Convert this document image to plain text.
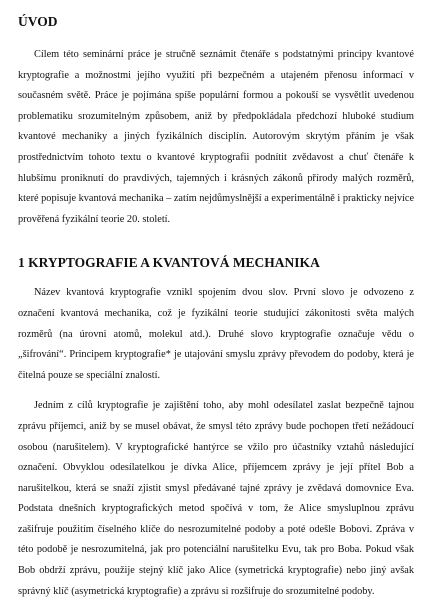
ÚVOD

Cílem této seminární práce je stručně seznámit čtenáře s podstatnými principy kvantové kryptografie a možnostmi jejího využití při bezpečném a utajeném přenosu informací v současném světě. Práce je pojímána spíše populární formou a pokouší se vysvětlit uvedenou problematiku srozumitelným způsobem, aniž by předpokládala předchozí hluboké studium kvantové mechaniky a jiných fyzikálních disciplín. Autorovým skrytým přáním je však prostřednictvím tohoto textu o kvantové kryptografii podnítit zvědavost a chuť čtenáře k hlubšímu proniknutí do pravdivých, tajemných i krásných zákonů přírody malých rozměrů, které popisuje kvantová mechanika – zatím nejdůmyslnější a experimentálně i prakticky nejvíce prověřená fyzikální teorie 20. století.

1 KRYPTOGRAFIE A KVANTOVÁ MECHANIKA

Název kvantová kryptografie vznikl spojením dvou slov. První slovo je odvozeno z označení kvantová mechanika, což je fyzikální teorie studující zákonitosti světa malých rozměrů (na úrovni atomů, molekul atd.). Druhé slovo kryptografie označuje vědu o „šifrování“. Principem kryptografie* je utajování smyslu zprávy převodem do podoby, která je čitelná pouze se speciální znalostí.

Jedním z cílů kryptografie je zajištění toho, aby mohl odesílatel zaslat bezpečně tajnou zprávu příjemci, aniž by se musel obávat, že smysl této zprávy bude pochopen třetí nežádoucí osobou (narušitelem). V kryptografické hantýrce se vžilo pro účastníky vztahů následující označení. Obvyklou odesílatelkou je dívka Alice, příjemcem zprávy je její přítel Bob a narušitelkou, která se snaží zjistit smysl předávané tajné zprávy je zvědavá domovnice Eva. Podstata dnešních kryptografických metod spočívá v tom, že Alice smysluplnou zprávu zašifruje použitím číselného klíče do nesrozumitelné podoby a poté odešle Bobovi. Zpráva v této podobě je nesrozumitelná, jak pro potenciální narušitelku Evu, tak pro Boba. Pokud však Bob obdrží zprávu, použije stejný klíč jako Alice (symetrická kryptografie) nebo jiný avšak správný klíč (asymetrická kryptografie) a zprávu si rozšifruje do srozumitelné podoby.
